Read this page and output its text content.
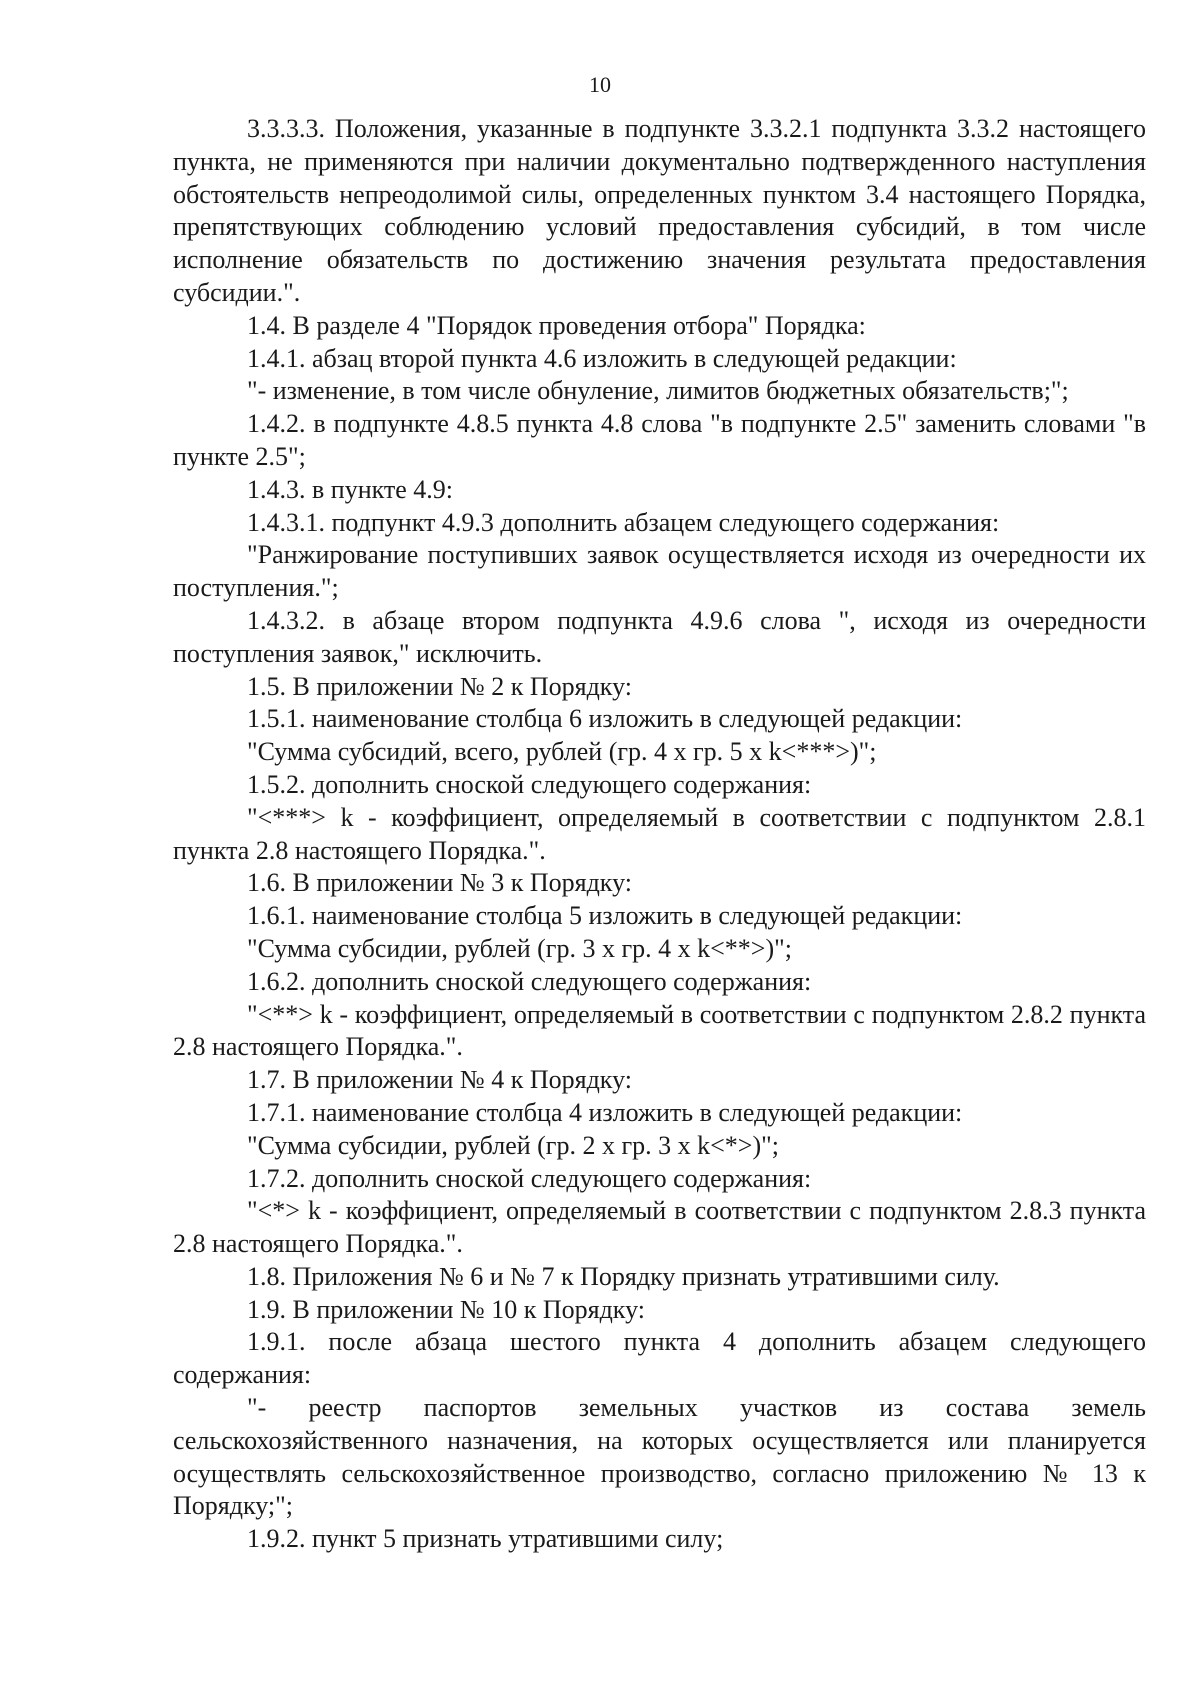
10

3.3.3.3. Положения, указанные в подпункте 3.3.2.1 подпункта 3.3.2 настоящего пункта, не применяются при наличии документально подтвержденного наступления обстоятельств непреодолимой силы, определенных пунктом 3.4 настоящего Порядка, препятствующих соблюдению условий предоставления субсидий, в том числе исполнение обязательств по достижению значения результата предоставления субсидии.".

1.4. В разделе 4 "Порядок проведения отбора" Порядка:

1.4.1. абзац второй пункта 4.6 изложить в следующей редакции:

"- изменение, в том числе обнуление, лимитов бюджетных обязательств;";

1.4.2. в подпункте 4.8.5 пункта 4.8 слова "в подпункте 2.5" заменить словами "в пункте 2.5";

1.4.3. в пункте 4.9:

1.4.3.1. подпункт 4.9.3 дополнить абзацем следующего содержания:

"Ранжирование поступивших заявок осуществляется исходя из очередности их поступления.";

1.4.3.2. в абзаце втором подпункта 4.9.6 слова ", исходя из очередности поступления заявок," исключить.

1.5. В приложении № 2 к Порядку:

1.5.1. наименование столбца 6 изложить в следующей редакции:

"Сумма субсидий, всего, рублей (гр. 4 x гр. 5 x k<***>)";

1.5.2. дополнить сноской следующего содержания:

"<***> k - коэффициент, определяемый в соответствии с подпунктом 2.8.1 пункта 2.8 настоящего Порядка.".

1.6. В приложении № 3 к Порядку:

1.6.1. наименование столбца 5 изложить в следующей редакции:

"Сумма субсидии, рублей (гр. 3 x гр. 4 x k<**>)";

1.6.2. дополнить сноской следующего содержания:

"<**> k - коэффициент, определяемый в соответствии с подпунктом 2.8.2 пункта 2.8 настоящего Порядка.".

1.7. В приложении № 4 к Порядку:

1.7.1. наименование столбца 4 изложить в следующей редакции:

"Сумма субсидии, рублей (гр. 2 x гр. 3 x k<*>)";

1.7.2. дополнить сноской следующего содержания:

"<*> k - коэффициент, определяемый в соответствии с подпунктом 2.8.3 пункта 2.8 настоящего Порядка.".

1.8. Приложения № 6 и № 7 к Порядку признать утратившими силу.

1.9. В приложении № 10 к Порядку:

1.9.1. после абзаца шестого пункта 4 дополнить абзацем следующего содержания:

"- реестр паспортов земельных участков из состава земель сельскохозяйственного назначения, на которых осуществляется или планируется осуществлять сельскохозяйственное производство, согласно приложению № 13 к Порядку;";

1.9.2. пункт 5 признать утратившими силу;
